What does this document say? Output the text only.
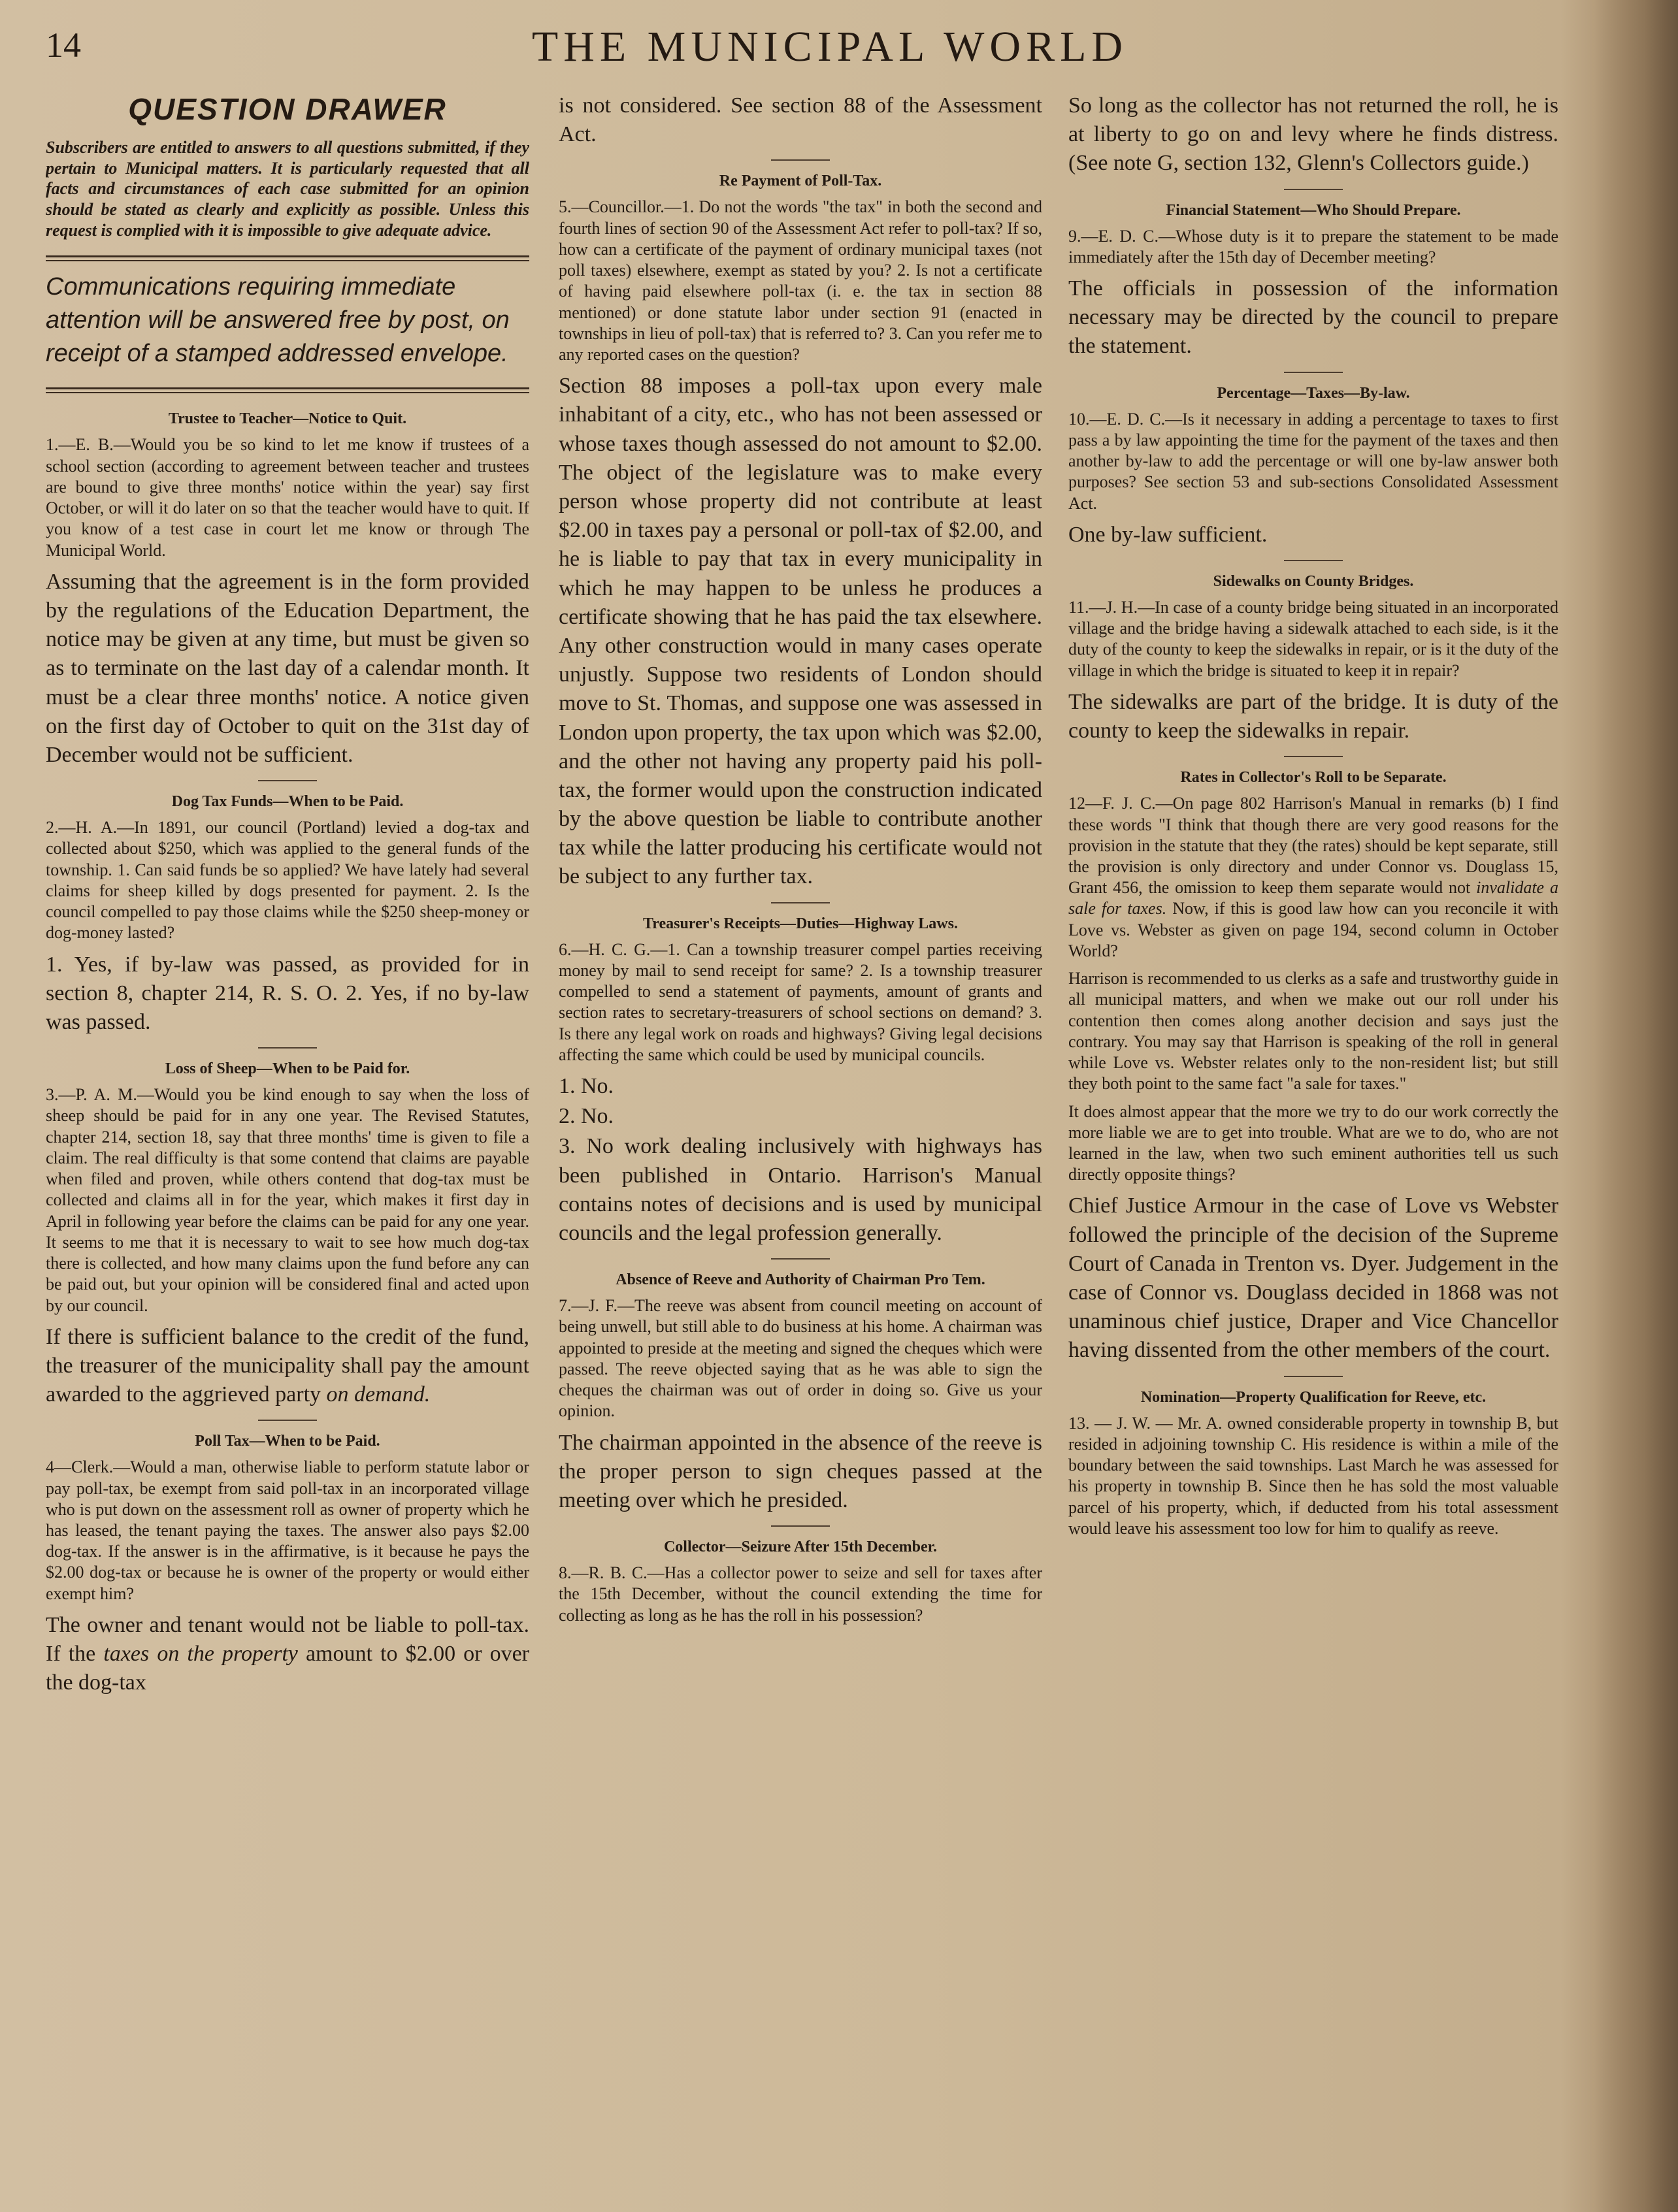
14	THE MUNICIPAL WORLD
QUESTION DRAWER

Subscribers are entitled to answers to all questions submitted, if they pertain to Municipal matters. It is particularly requested that all facts and circumstances of each case submitted for an opinion should be stated as clearly and explicitly as possible. Unless this request is complied with it is impossible to give adequate advice.

Communications requiring immediate attention will be answered free by post, on receipt of a stamped addressed envelope.

Trustee to Teacher—Notice to Quit.

1.—E. B.—Would you be so kind to let me know if trustees of a school section (according to agreement between teacher and trustees are bound to give three months' notice within the year) say first October, or will it do later on so that the teacher would have to quit. If you know of a test case in court let me know or through The Municipal World.

Assuming that the agreement is in the form provided by the regulations of the Education Department, the notice may be given at any time, but must be given so as to terminate on the last day of a calendar month. It must be a clear three months' notice. A notice given on the first day of October to quit on the 31st day of December would not be sufficient.

Dog Tax Funds—When to be Paid.

2.—H. A.—In 1891, our council (Portland) levied a dog-tax and collected about $250, which was applied to the general funds of the township. 1. Can said funds be so applied? We have lately had several claims for sheep killed by dogs presented for payment. 2. Is the council compelled to pay those claims while the $250 sheep-money or dog-money lasted?

1. Yes, if by-law was passed, as provided for in section 8, chapter 214, R. S. O. 2. Yes, if no by-law was passed.

Loss of Sheep—When to be Paid for.

3.—P. A. M.—Would you be kind enough to say when the loss of sheep should be paid for in any one year. The Revised Statutes, chapter 214, section 18, say that three months' time is given to file a claim. The real difficulty is that some contend that claims are payable when filed and proven, while others contend that dog-tax must be collected and claims all in for the year, which makes it first day in April in following year before the claims can be paid for any one year. It seems to me that it is necessary to wait to see how much dog-tax there is collected, and how many claims upon the fund before any can be paid out, but your opinion will be considered final and acted upon by our council.

If there is sufficient balance to the credit of the fund, the treasurer of the municipality shall pay the amount awarded to the aggrieved party on demand.

Poll Tax—When to be Paid.

4—Clerk.—Would a man, otherwise liable to perform statute labor or pay poll-tax, be exempt from said poll-tax in an incorporated village who is put down on the assessment roll as owner of property which he has leased, the tenant paying the taxes. The answer also pays $2.00 dog-tax. If the answer is in the affirmative, is it because he pays the $2.00 dog-tax or because he is owner of the property or would either exempt him?

The owner and tenant would not be liable to poll-tax. If the taxes on the property amount to $2.00 or over the dog-tax

is not considered. See section 88 of the Assessment Act.

Re Payment of Poll-Tax.

5.—Councillor.—1. Do not the words "the tax" in both the second and fourth lines of section 90 of the Assessment Act refer to poll-tax? If so, how can a certificate of the payment of ordinary municipal taxes (not poll taxes) elsewhere, exempt as stated by you? 2. Is not a certificate of having paid elsewhere poll-tax (i. e. the tax in section 88 mentioned) or done statute labor under section 91 (enacted in townships in lieu of poll-tax) that is referred to? 3. Can you refer me to any reported cases on the question?

Section 88 imposes a poll-tax upon every male inhabitant of a city, etc., who has not been assessed or whose taxes though assessed do not amount to $2.00. The object of the legislature was to make every person whose property did not contribute at least $2.00 in taxes pay a personal or poll-tax of $2.00, and he is liable to pay that tax in every municipality in which he may happen to be unless he produces a certificate showing that he has paid the tax elsewhere. Any other construction would in many cases operate unjustly. Suppose two residents of London should move to St. Thomas, and suppose one was assessed in London upon property, the tax upon which was $2.00, and the other not having any property paid his poll-tax, the former would upon the construction indicated by the above question be liable to contribute another tax while the latter producing his certificate would not be subject to any further tax.

Treasurer's Receipts—Duties—Highway Laws.

6.—H. C. G.—1. Can a township treasurer compel parties receiving money by mail to send receipt for same? 2. Is a township treasurer compelled to send a statement of payments, amount of grants and section rates to secretary-treasurers of school sections on demand? 3. Is there any legal work on roads and highways? Giving legal decisions affecting the same which could be used by municipal councils.

1. No.

2. No.

3. No work dealing inclusively with highways has been published in Ontario. Harrison's Manual contains notes of decisions and is used by municipal councils and the legal profession generally.

Absence of Reeve and Authority of Chairman Pro Tem.

7.—J. F.—The reeve was absent from council meeting on account of being unwell, but still able to do business at his home. A chairman was appointed to preside at the meeting and signed the cheques which were passed. The reeve objected saying that as he was able to sign the cheques the chairman was out of order in doing so. Give us your opinion.

The chairman appointed in the absence of the reeve is the proper person to sign cheques passed at the meeting over which he presided.

Collector—Seizure After 15th December.

8.—R. B. C.—Has a collector power to seize and sell for taxes after the 15th December, without the council extending the time for collecting as long as he has the roll in his possession?

So long as the collector has not returned the roll, he is at liberty to go on and levy where he finds distress. (See note G, section 132, Glenn's Collectors guide.)

Financial Statement—Who Should Prepare.

9.—E. D. C.—Whose duty is it to prepare the statement to be made immediately after the 15th day of December meeting?

The officials in possession of the information necessary may be directed by the council to prepare the statement.

Percentage—Taxes—By-law.

10.—E. D. C.—Is it necessary in adding a percentage to taxes to first pass a by law appointing the time for the payment of the taxes and then another by-law to add the percentage or will one by-law answer both purposes? See section 53 and sub-sections Consolidated Assessment Act.

One by-law sufficient.

Sidewalks on County Bridges.

11.—J. H.—In case of a county bridge being situated in an incorporated village and the bridge having a sidewalk attached to each side, is it the duty of the county to keep the sidewalks in repair, or is it the duty of the village in which the bridge is situated to keep it in repair?

The sidewalks are part of the bridge. It is duty of the county to keep the sidewalks in repair.

Rates in Collector's Roll to be Separate.

12—F. J. C.—On page 802 Harrison's Manual in remarks (b) I find these words "I think that though there are very good reasons for the provision in the statute that they (the rates) should be kept separate, still the provision is only directory and under Connor vs. Douglass 15, Grant 456, the omission to keep them separate would not invalidate a sale for taxes. Now, if this is good law how can you reconcile it with Love vs. Webster as given on page 194, second column in October World?

Harrison is recommended to us clerks as a safe and trustworthy guide in all municipal matters, and when we make out our roll under his contention then comes along another decision and says just the contrary. You may say that Harrison is speaking of the roll in general while Love vs. Webster relates only to the non-resident list; but still they both point to the same fact "a sale for taxes."

It does almost appear that the more we try to do our work correctly the more liable we are to get into trouble. What are we to do, who are not learned in the law, when two such eminent authorities tell us such directly opposite things?

Chief Justice Armour in the case of Love vs Webster followed the principle of the decision of the Supreme Court of Canada in Trenton vs. Dyer. Judgement in the case of Connor vs. Douglass decided in 1868 was not unaminous chief justice, Draper and Vice Chancellor having dissented from the other members of the court.

Nomination—Property Qualification for Reeve, etc.

13. — J. W. — Mr. A. owned considerable property in township B, but resided in adjoining township C. His residence is within a mile of the boundary between the said townships. Last March he was assessed for his property in township B. Since then he has sold the most valuable parcel of his property, which, if deducted from his total assessment would leave his assessment too low for him to qualify as reeve.
